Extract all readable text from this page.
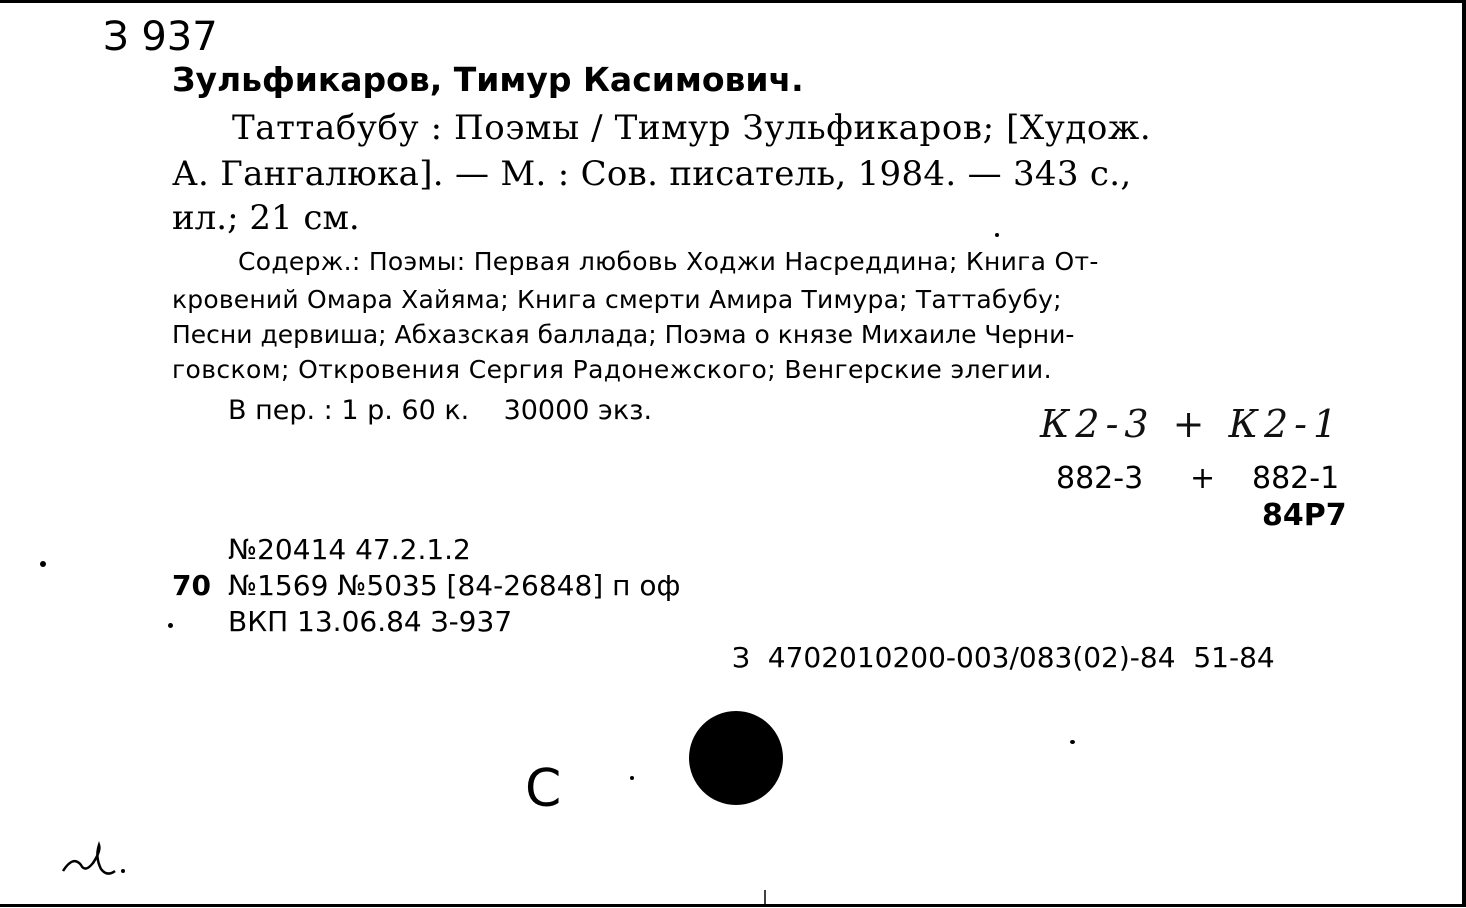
З 937
Зульфикаров, Тимур Касимович.
Таттабубу : Поэмы / Тимур Зульфикаров; [Худож.
А. Гангалюка]. — М. : Сов. писатель, 1984. — 343 с.,
ил.; 21 см.
Содерж.: Поэмы: Первая любовь Ходжи Насреддина; Книга От-
кровений Омара Хайяма; Книга смерти Амира Тимура; Таттабубу;
Песни дервиша; Абхазская баллада; Поэма о князе Михаиле Черни-
говском; Откровения Сергия Радонежского; Венгерские элегии.
В пер. : 1 р. 60 к.    30000 экз.	К2-3 + К2-1
882-3 + 882-1
84Р7
№20414 47.2.1.2
70 №1569 №5035 [84-26848] п оф
ВКП 13.06.84 З-937
З  4702010200-003/083(02)-84  51-84
С
